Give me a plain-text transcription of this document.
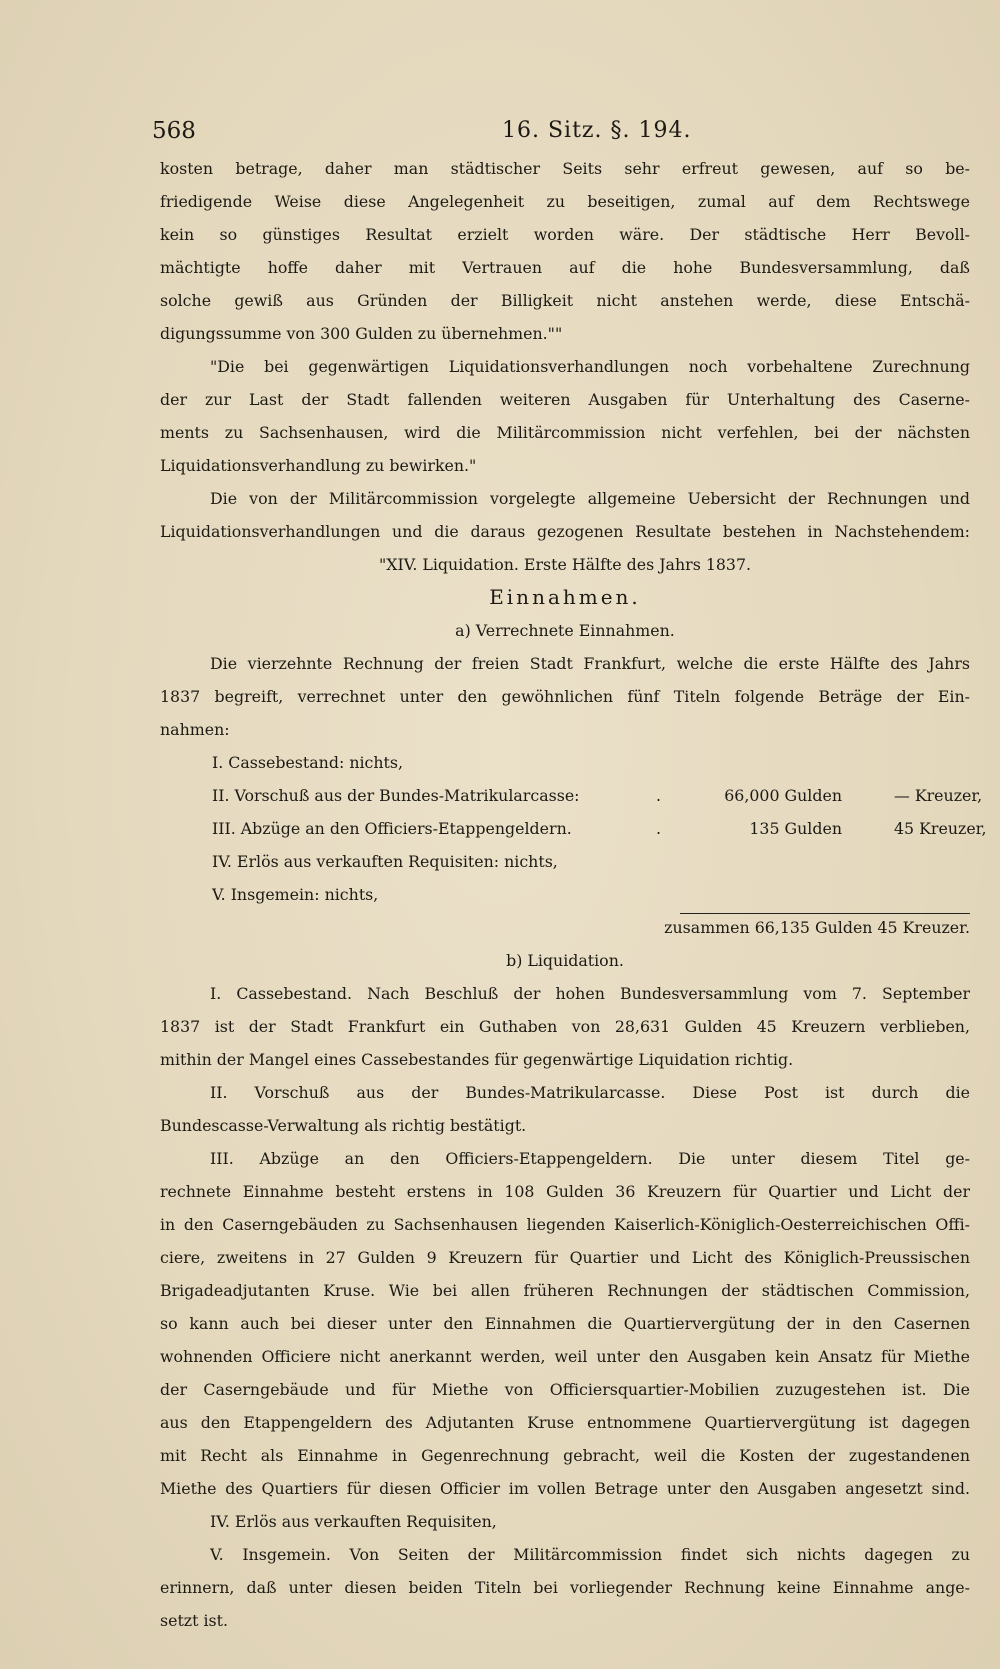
568	16. Sitz. §. 194.
kosten betrage, daher man städtischer Seits sehr erfreut gewesen, auf so be-
friedigende Weise diese Angelegenheit zu beseitigen, zumal auf dem Rechtswege
kein so günstiges Resultat erzielt worden wäre. Der städtische Herr Bevoll-
mächtigte hoffe daher mit Vertrauen auf die hohe Bundesversammlung, daß
solche gewiß aus Gründen der Billigkeit nicht anstehen werde, diese Entschä-
digungssumme von 300 Gulden zu übernehmen.""
"Die bei gegenwärtigen Liquidationsverhandlungen noch vorbehaltene Zurechnung
der zur Last der Stadt fallenden weiteren Ausgaben für Unterhaltung des Caserne-
ments zu Sachsenhausen, wird die Militärcommission nicht verfehlen, bei der nächsten
Liquidationsverhandlung zu bewirken."
Die von der Militärcommission vorgelegte allgemeine Uebersicht der Rechnungen und
Liquidationsverhandlungen und die daraus gezogenen Resultate bestehen in Nachstehendem:
"XIV. Liquidation. Erste Hälfte des Jahrs 1837.
Einnahmen.
a) Verrechnete Einnahmen.
Die vierzehnte Rechnung der freien Stadt Frankfurt, welche die erste Hälfte des Jahrs
1837 begreift, verrechnet unter den gewöhnlichen fünf Titeln folgende Beträge der Ein-
nahmen:
I. Cassebestand: nichts,
II. Vorschuß aus der Bundes-Matrikularcasse:	.	66,000 Gulden	— Kreuzer,
III. Abzüge an den Officiers-Etappengeldern.	.	135 Gulden	45 Kreuzer,
IV. Erlös aus verkauften Requisiten: nichts,
V. Insgemein: nichts,
zusammen 66,135 Gulden 45 Kreuzer.
b) Liquidation.
I. Cassebestand. Nach Beschluß der hohen Bundesversammlung vom 7. September
1837 ist der Stadt Frankfurt ein Guthaben von 28,631 Gulden 45 Kreuzern verblieben,
mithin der Mangel eines Cassebestandes für gegenwärtige Liquidation richtig.
II. Vorschuß aus der Bundes-Matrikularcasse. Diese Post ist durch die
Bundescasse-Verwaltung als richtig bestätigt.
III. Abzüge an den Officiers-Etappengeldern. Die unter diesem Titel ge-
rechnete Einnahme besteht erstens in 108 Gulden 36 Kreuzern für Quartier und Licht der
in den Caserngebäuden zu Sachsenhausen liegenden Kaiserlich-Königlich-Oesterreichischen Offi-
ciere, zweitens in 27 Gulden 9 Kreuzern für Quartier und Licht des Königlich-Preussischen
Brigadeadjutanten Kruse. Wie bei allen früheren Rechnungen der städtischen Commission,
so kann auch bei dieser unter den Einnahmen die Quartiervergütung der in den Casernen
wohnenden Officiere nicht anerkannt werden, weil unter den Ausgaben kein Ansatz für Miethe
der Caserngebäude und für Miethe von Officiersquartier-Mobilien zuzugestehen ist. Die
aus den Etappengeldern des Adjutanten Kruse entnommene Quartiervergütung ist dagegen
mit Recht als Einnahme in Gegenrechnung gebracht, weil die Kosten der zugestandenen
Miethe des Quartiers für diesen Officier im vollen Betrage unter den Ausgaben angesetzt sind.
IV. Erlös aus verkauften Requisiten,
V. Insgemein. Von Seiten der Militärcommission findet sich nichts dagegen zu
erinnern, daß unter diesen beiden Titeln bei vorliegender Rechnung keine Einnahme ange-
setzt ist.
